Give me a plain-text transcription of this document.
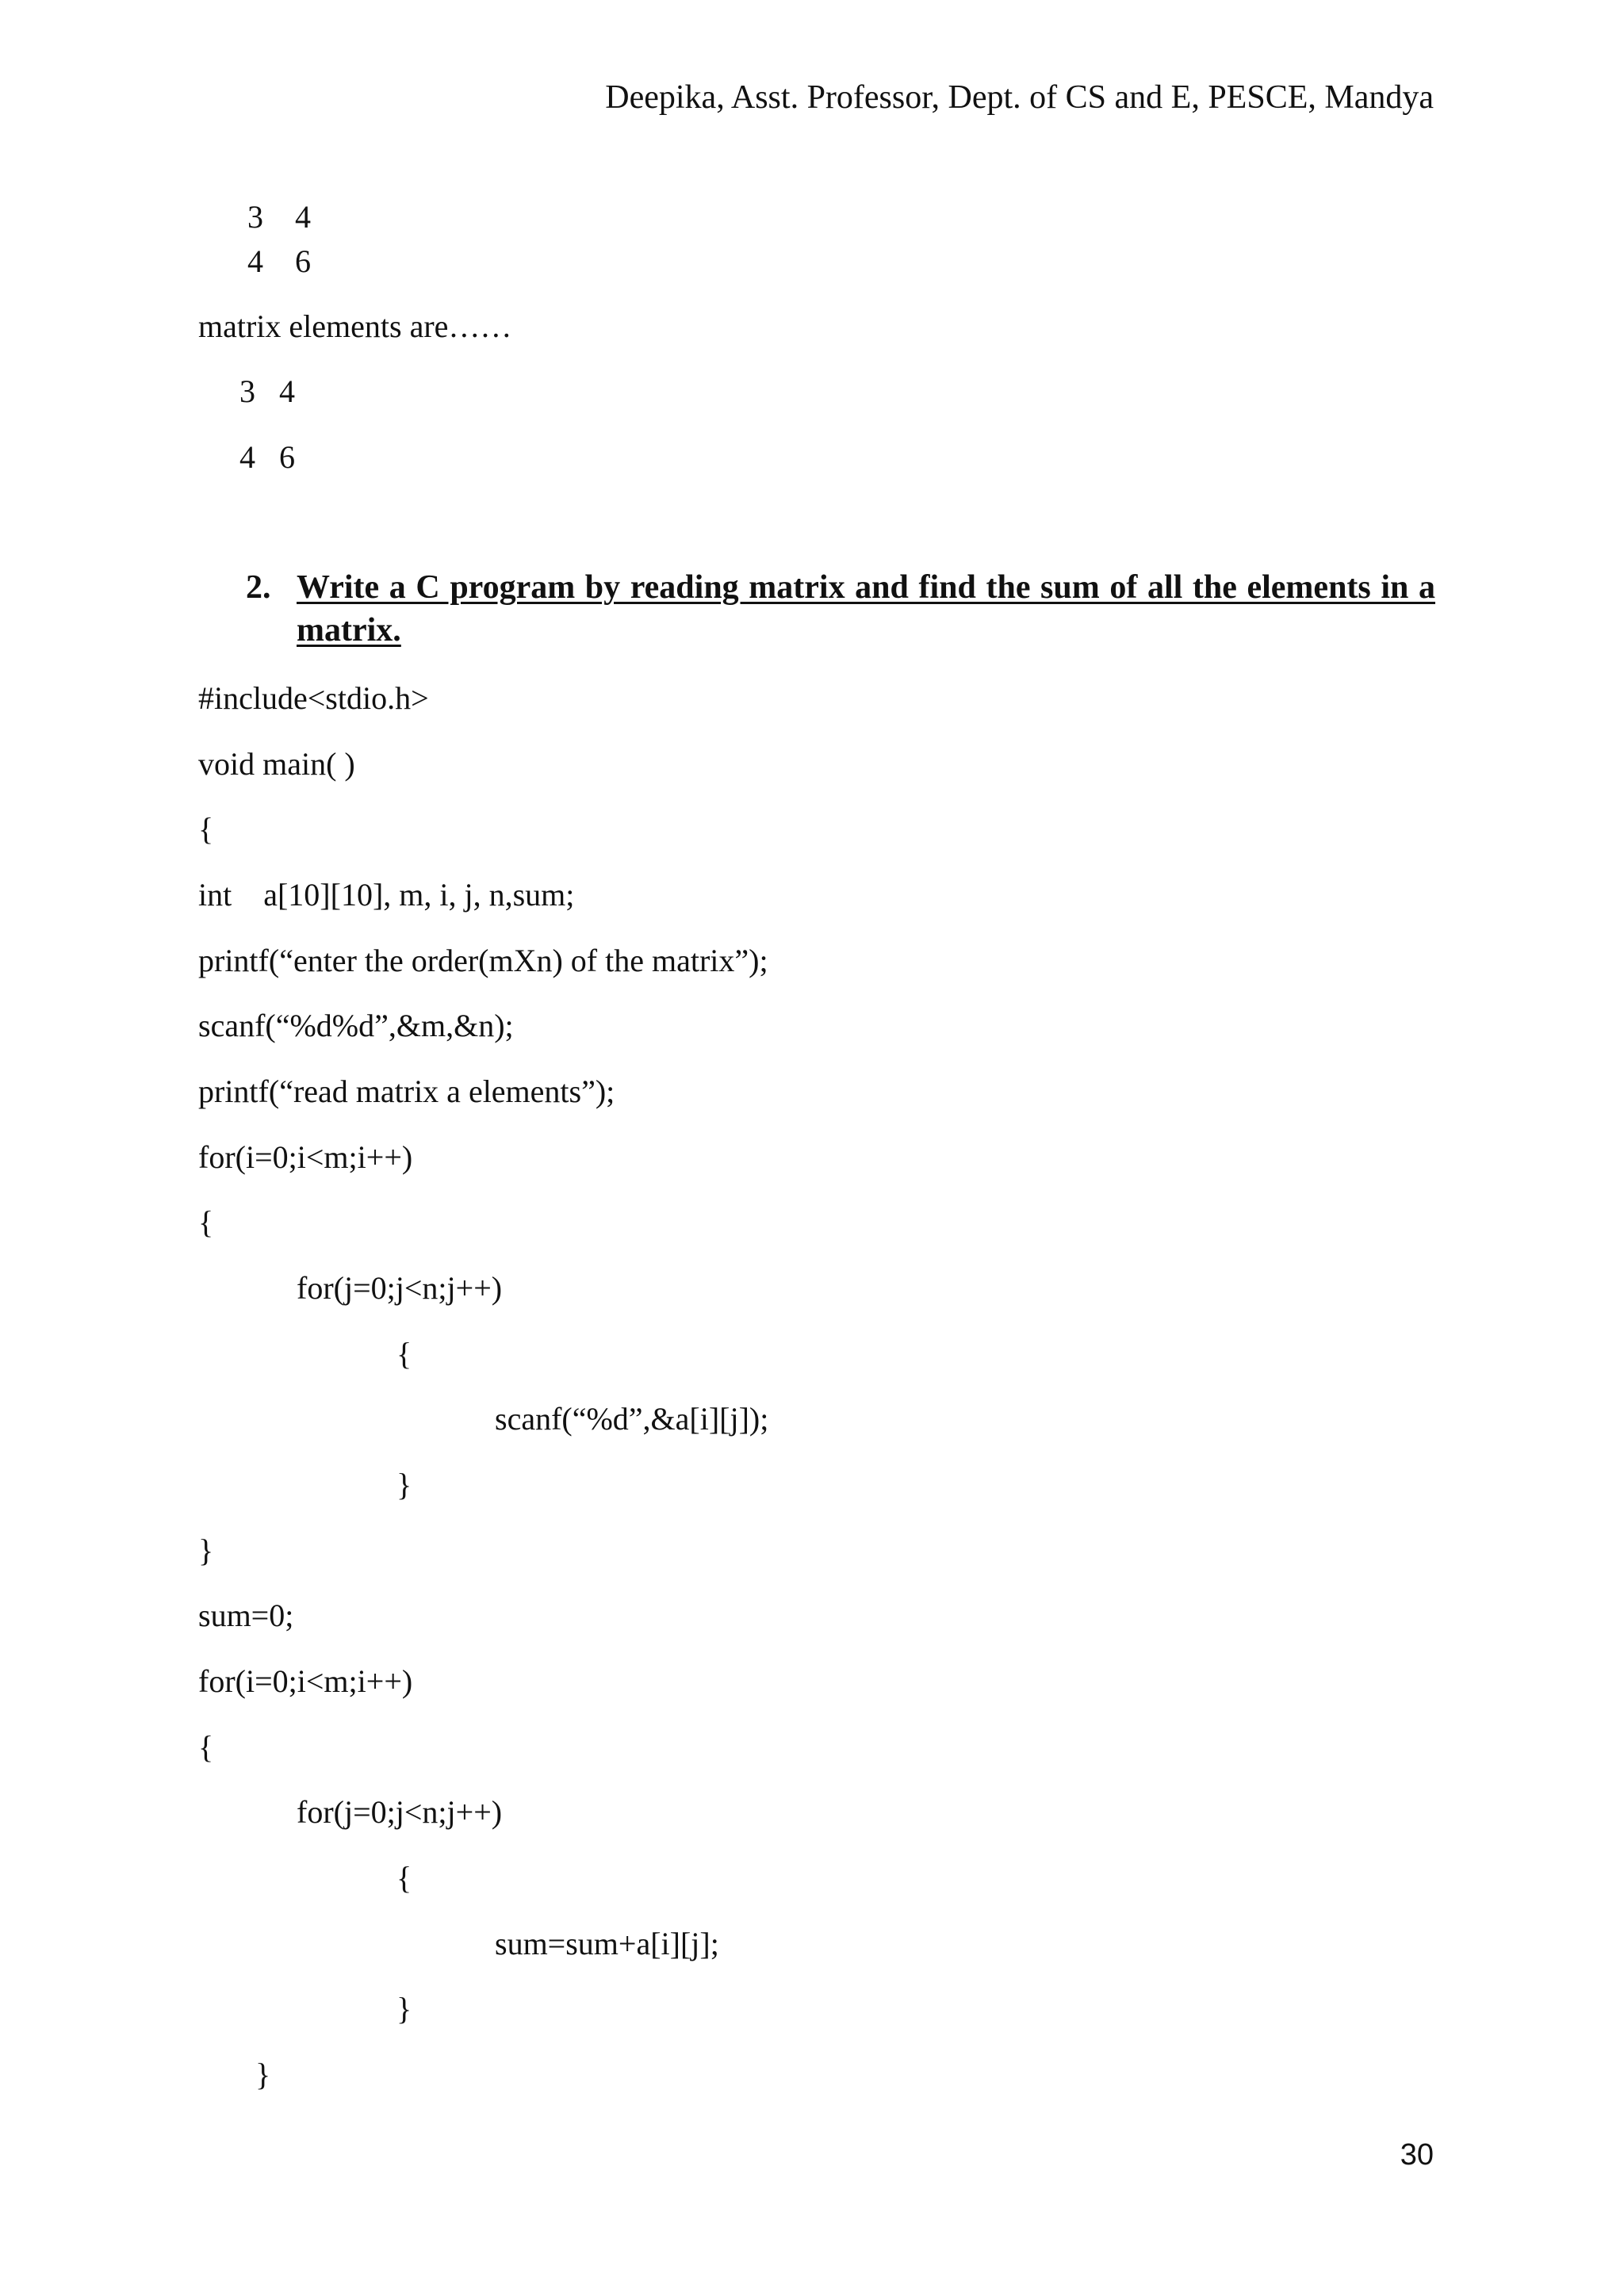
Deepika, Asst. Professor, Dept. of CS and E, PESCE, Mandya
3    4
4    6
matrix elements are……
3   4
4   6
2. Write a C program by reading matrix and find the sum of all the elements in a matrix.
#include<stdio.h>
void main( )
{
int    a[10][10], m, i, j, n,sum;
printf(“enter the order(mXn) of the matrix”);
scanf(“%d%d”,&m,&n);
printf(“read matrix a elements”);
for(i=0;i<m;i++)
{
for(j=0;j<n;j++)
{
scanf(“%d”,&a[i][j]);
}
}
sum=0;
for(i=0;i<m;i++)
{
for(j=0;j<n;j++)
{
sum=sum+a[i][j];
}
}
30
